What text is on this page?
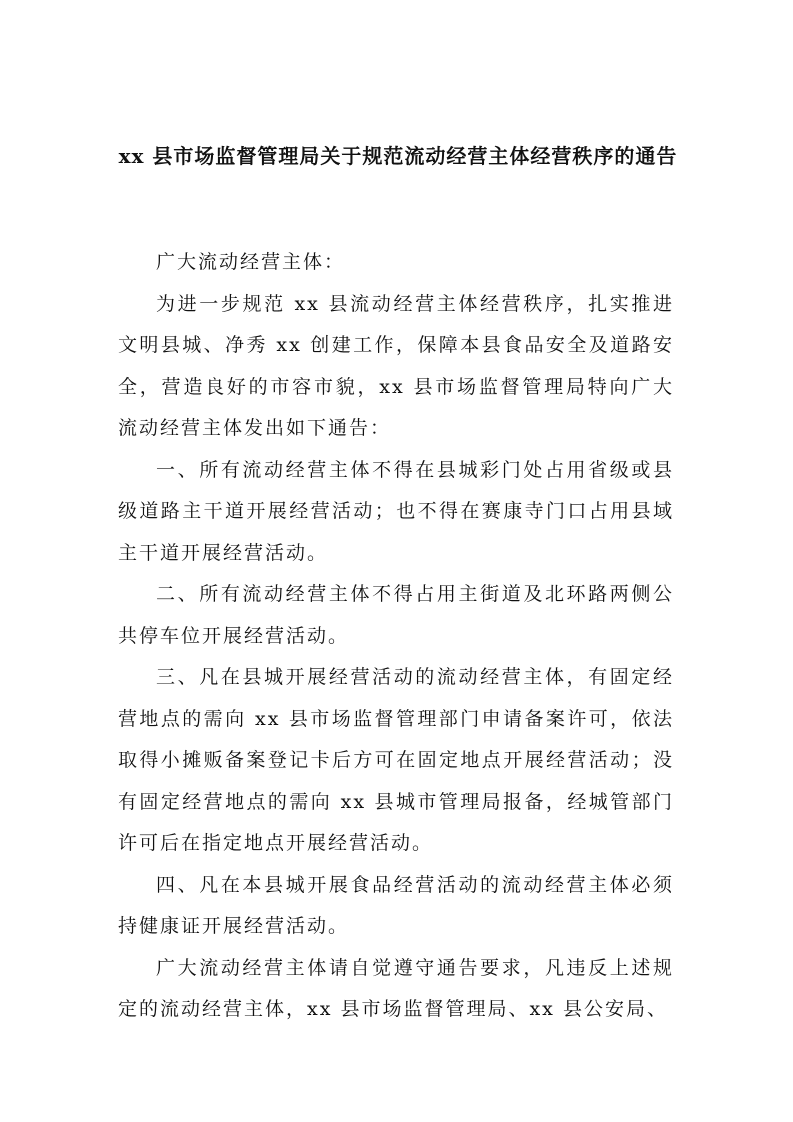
xx 县市场监督管理局关于规范流动经营主体经营秩序的通告

广大流动经营主体：

为进一步规范 xx 县流动经营主体经营秩序，扎实推进文明县城、净秀 xx 创建工作，保障本县食品安全及道路安全，营造良好的市容市貌，xx 县市场监督管理局特向广大流动经营主体发出如下通告：

一、所有流动经营主体不得在县城彩门处占用省级或县级道路主干道开展经营活动；也不得在赛康寺门口占用县域主干道开展经营活动。

二、所有流动经营主体不得占用主街道及北环路两侧公共停车位开展经营活动。

三、凡在县城开展经营活动的流动经营主体，有固定经营地点的需向 xx 县市场监督管理部门申请备案许可，依法取得小摊贩备案登记卡后方可在固定地点开展经营活动；没有固定经营地点的需向 xx 县城市管理局报备，经城管部门许可后在指定地点开展经营活动。

四、凡在本县城开展食品经营活动的流动经营主体必须持健康证开展经营活动。

广大流动经营主体请自觉遵守通告要求，凡违反上述规定的流动经营主体，xx 县市场监督管理局、xx 县公安局、
